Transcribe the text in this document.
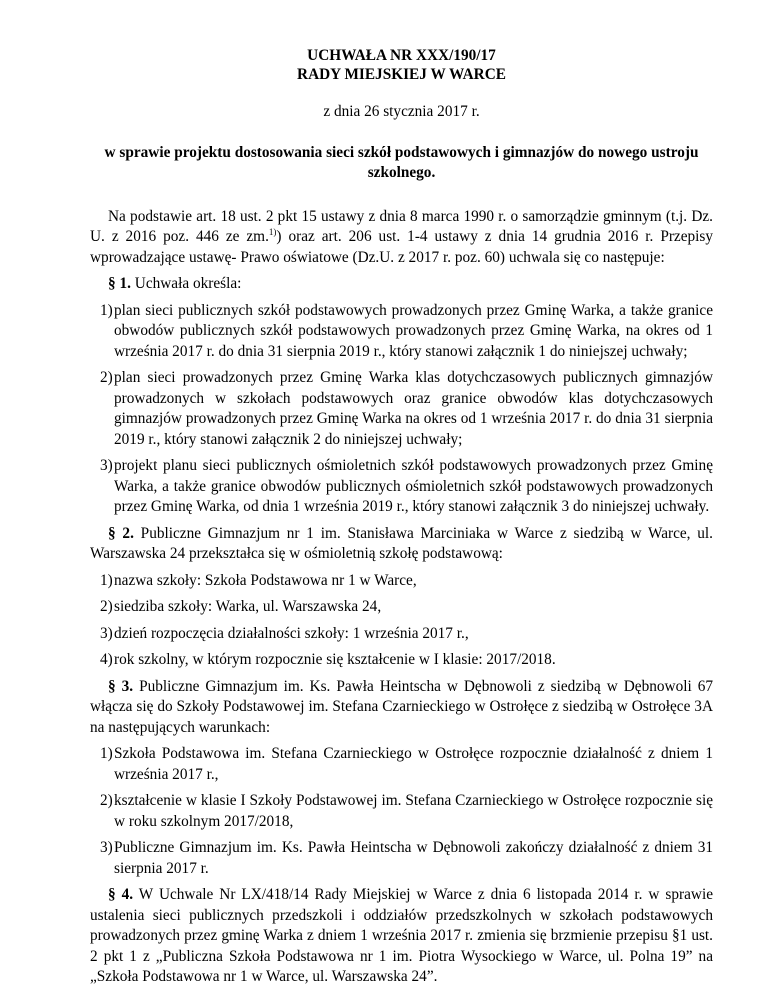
UCHWAŁA NR XXX/190/17
RADY MIEJSKIEJ W WARCE
z dnia 26 stycznia 2017 r.
w sprawie projektu dostosowania sieci szkół podstawowych i gimnazjów do nowego ustroju szkolnego.
Na podstawie art. 18 ust. 2 pkt 15 ustawy z dnia 8 marca 1990 r. o samorządzie gminnym (t.j. Dz. U. z 2016 poz. 446 ze zm.$^{1)}$) oraz art. 206 ust. 1-4 ustawy z dnia 14 grudnia 2016 r. Przepisy wprowadzające ustawę- Prawo oświatowe (Dz.U. z 2017 r. poz. 60) uchwala się co następuje:
§ 1. Uchwała określa:
1) plan sieci publicznych szkół podstawowych prowadzonych przez Gminę Warka, a także granice obwodów publicznych szkół podstawowych prowadzonych przez Gminę Warka, na okres od 1 września 2017 r. do dnia 31 sierpnia 2019 r., który stanowi załącznik 1 do niniejszej uchwały;
2) plan sieci prowadzonych przez Gminę Warka klas dotychczasowych publicznych gimnazjów prowadzonych w szkołach podstawowych oraz granice obwodów klas dotychczasowych gimnazjów prowadzonych przez Gminę Warka na okres od 1 września 2017 r. do dnia 31 sierpnia 2019 r., który stanowi załącznik 2 do niniejszej uchwały;
3) projekt planu sieci publicznych ośmioletnich szkół podstawowych prowadzonych przez Gminę Warka, a także granice obwodów publicznych ośmioletnich szkół podstawowych prowadzonych przez Gminę Warka, od dnia 1 września 2019 r., który stanowi załącznik 3 do niniejszej uchwały.
§ 2. Publiczne Gimnazjum nr 1 im. Stanisława Marciniaka w Warce z siedzibą w Warce, ul. Warszawska 24 przekształca się w ośmioletnią szkołę podstawową:
1) nazwa szkoły: Szkoła Podstawowa nr 1 w Warce,
2) siedziba szkoły: Warka, ul. Warszawska 24,
3) dzień rozpoczęcia działalności szkoły: 1 września 2017 r.,
4) rok szkolny, w którym rozpocznie się kształcenie w I klasie: 2017/2018.
§ 3. Publiczne Gimnazjum im. Ks. Pawła Heintscha w Dębnowoli z siedzibą w Dębnowoli 67 włącza się do Szkoły Podstawowej im. Stefana Czarnieckiego w Ostrołęce z siedzibą w Ostrołęce 3A na następujących warunkach:
1) Szkoła Podstawowa im. Stefana Czarnieckiego w Ostrołęce rozpocznie działalność z dniem 1 września 2017 r.,
2) kształcenie w klasie I Szkoły Podstawowej im. Stefana Czarnieckiego w Ostrołęce rozpocznie się w roku szkolnym 2017/2018,
3) Publiczne Gimnazjum im. Ks. Pawła Heintscha w Dębnowoli zakończy działalność z dniem 31 sierpnia 2017 r.
§ 4. W Uchwale Nr LX/418/14 Rady Miejskiej w Warce z dnia 6 listopada 2014 r. w sprawie ustalenia sieci publicznych przedszkoli i oddziałów przedszkolnych w szkołach podstawowych prowadzonych przez gminę Warka z dniem 1 września 2017 r. zmienia się brzmienie przepisu §1 ust. 2 pkt 1 z „Publiczna Szkoła Podstawowa nr 1 im. Piotra Wysockiego w Warce, ul. Polna 19” na „Szkoła Podstawowa nr 1 w Warce, ul. Warszawska 24”.
